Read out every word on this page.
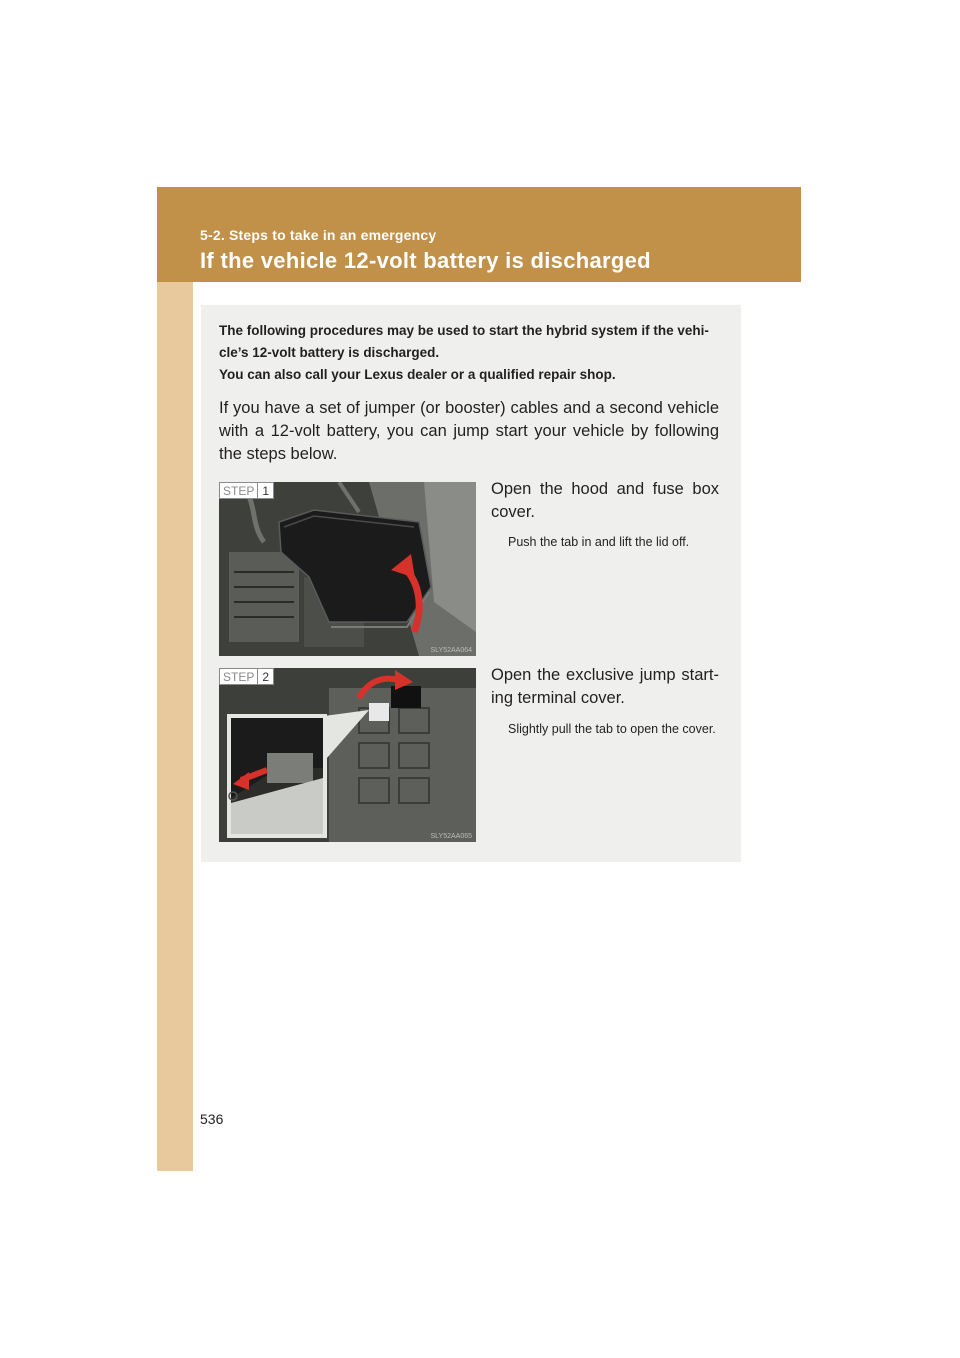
5-2. Steps to take in an emergency
If the vehicle 12-volt battery is discharged

The following procedures may be used to start the hybrid system if the vehi-

cle’s 12-volt battery is discharged.

You can also call your Lexus dealer or a qualified repair shop.

If you have a set of jumper (or booster) cables and a second vehicle with a 12-volt battery, you can jump start your vehicle by following the steps below.

STEP 1
SLY52AA064

Open the hood and fuse box cover.

Push the tab in and lift the lid off.

STEP 2
SLY52AA065

Open the exclusive jump start-ing terminal cover.

Slightly pull the tab to open the cover.

536
